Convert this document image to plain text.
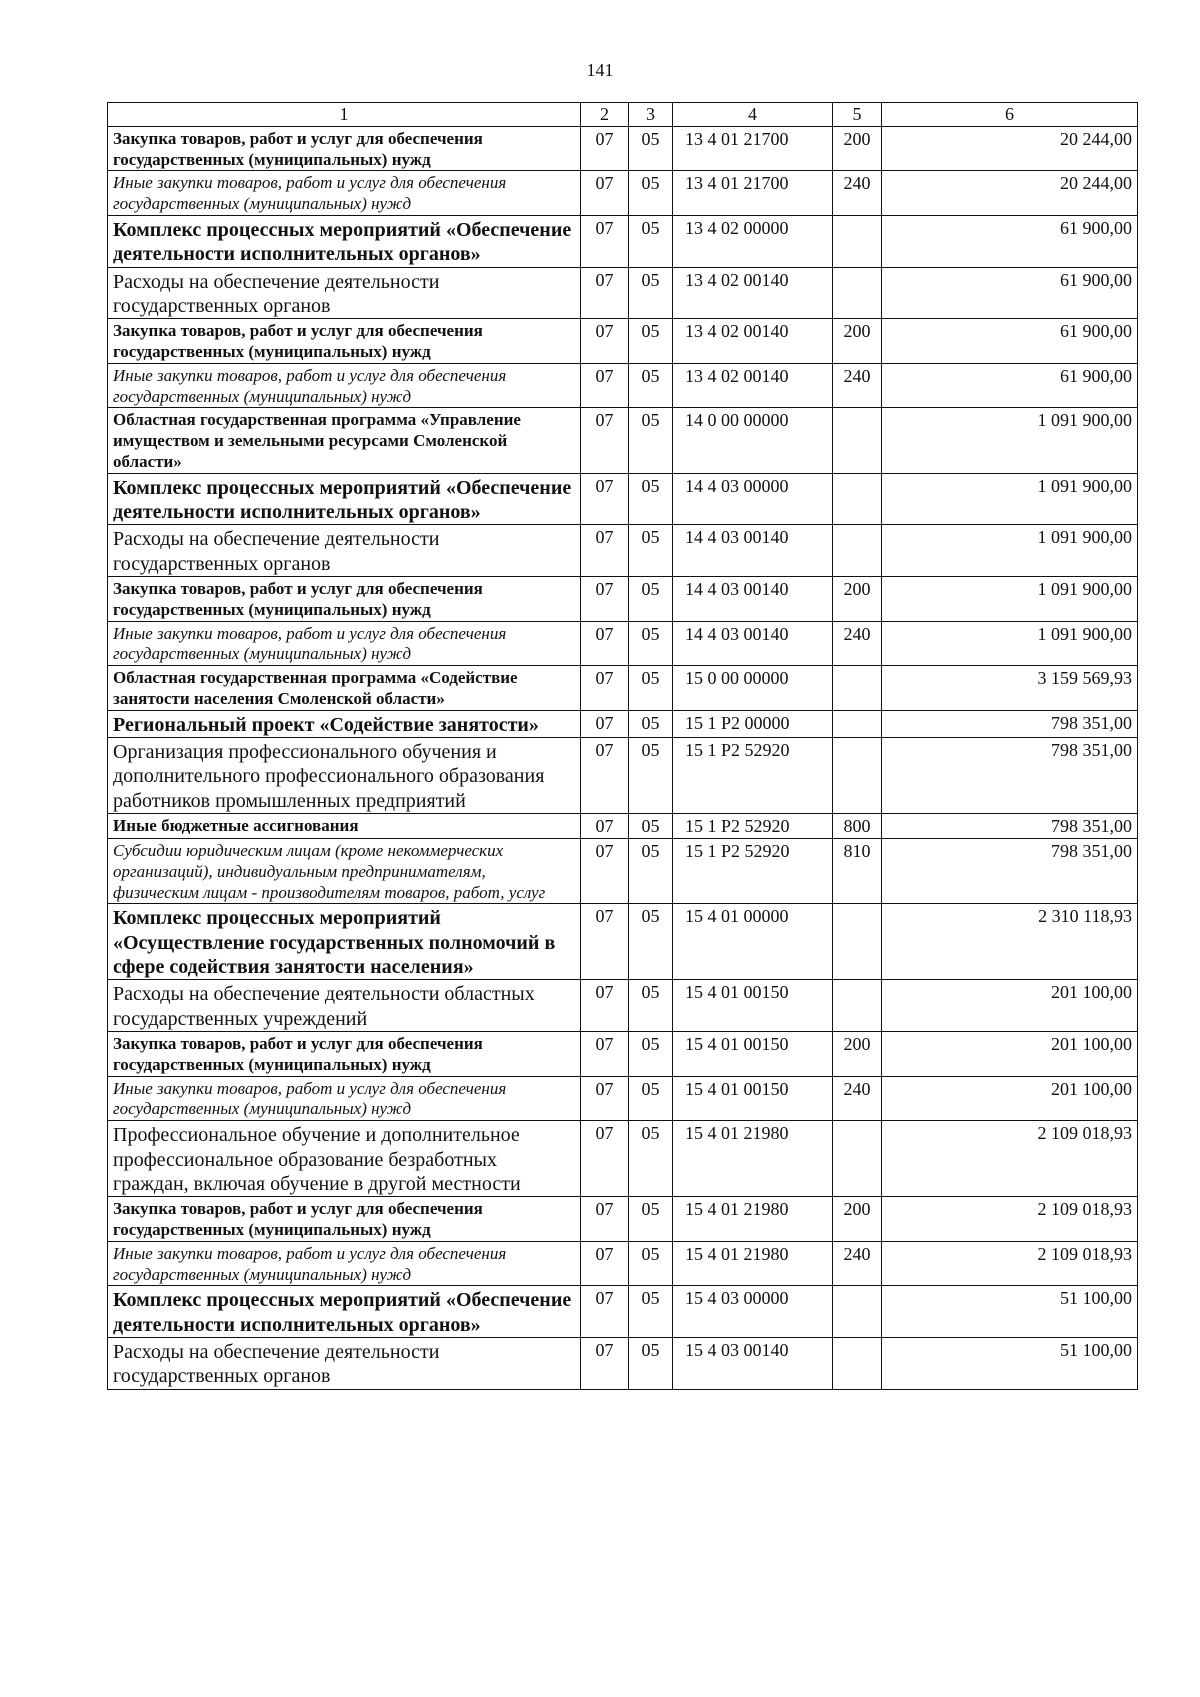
141
1	2	3	4	5	6
Закупка товаров, работ и услуг для обеспечения государственных (муниципальных) нужд	07	05	13 4 01 21700	200	20 244,00
Иные закупки товаров, работ и услуг для обеспечения государственных (муниципальных) нужд	07	05	13 4 01 21700	240	20 244,00
Комплекс процессных мероприятий «Обеспечение деятельности исполнительных органов»	07	05	13 4 02 00000		61 900,00
Расходы на обеспечение деятельности государственных органов	07	05	13 4 02 00140		61 900,00
Закупка товаров, работ и услуг для обеспечения государственных (муниципальных) нужд	07	05	13 4 02 00140	200	61 900,00
Иные закупки товаров, работ и услуг для обеспечения государственных (муниципальных) нужд	07	05	13 4 02 00140	240	61 900,00
Областная государственная программа «Управление имуществом и земельными ресурсами Смоленской области»	07	05	14 0 00 00000		1 091 900,00
Комплекс процессных мероприятий «Обеспечение деятельности исполнительных органов»	07	05	14 4 03 00000		1 091 900,00
Расходы на обеспечение деятельности государственных органов	07	05	14 4 03 00140		1 091 900,00
Закупка товаров, работ и услуг для обеспечения государственных (муниципальных) нужд	07	05	14 4 03 00140	200	1 091 900,00
Иные закупки товаров, работ и услуг для обеспечения государственных (муниципальных) нужд	07	05	14 4 03 00140	240	1 091 900,00
Областная государственная программа «Содействие занятости населения Смоленской области»	07	05	15 0 00 00000		3 159 569,93
Региональный проект «Содействие занятости»	07	05	15 1 P2 00000		798 351,00
Организация профессионального обучения и дополнительного профессионального образования работников промышленных предприятий	07	05	15 1 P2 52920		798 351,00
Иные бюджетные ассигнования	07	05	15 1 P2 52920	800	798 351,00
Субсидии юридическим лицам (кроме некоммерческих организаций), индивидуальным предпринимателям, физическим лицам - производителям товаров, работ, услуг	07	05	15 1 P2 52920	810	798 351,00
Комплекс процессных мероприятий «Осуществление государственных полномочий в сфере содействия занятости населения»	07	05	15 4 01 00000		2 310 118,93
Расходы на обеспечение деятельности областных государственных учреждений	07	05	15 4 01 00150		201 100,00
Закупка товаров, работ и услуг для обеспечения государственных (муниципальных) нужд	07	05	15 4 01 00150	200	201 100,00
Иные закупки товаров, работ и услуг для обеспечения государственных (муниципальных) нужд	07	05	15 4 01 00150	240	201 100,00
Профессиональное обучение и дополнительное профессиональное образование безработных граждан, включая обучение в другой местности	07	05	15 4 01 21980		2 109 018,93
Закупка товаров, работ и услуг для обеспечения государственных (муниципальных) нужд	07	05	15 4 01 21980	200	2 109 018,93
Иные закупки товаров, работ и услуг для обеспечения государственных (муниципальных) нужд	07	05	15 4 01 21980	240	2 109 018,93
Комплекс процессных мероприятий «Обеспечение деятельности исполнительных органов»	07	05	15 4 03 00000		51 100,00
Расходы на обеспечение деятельности государственных органов	07	05	15 4 03 00140		51 100,00
